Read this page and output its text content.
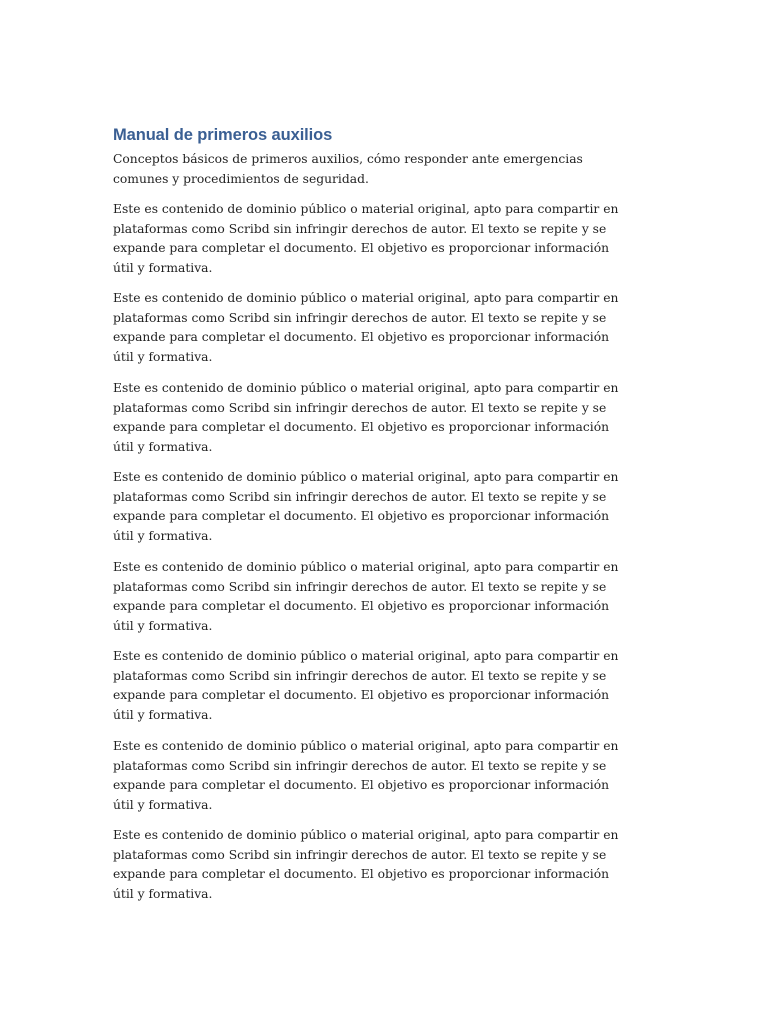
Manual de primeros auxilios

Conceptos básicos de primeros auxilios, cómo responder ante emergencias comunes y procedimientos de seguridad.

Este es contenido de dominio público o material original, apto para compartir en plataformas como Scribd sin infringir derechos de autor. El texto se repite y se expande para completar el documento. El objetivo es proporcionar información útil y formativa.

Este es contenido de dominio público o material original, apto para compartir en plataformas como Scribd sin infringir derechos de autor. El texto se repite y se expande para completar el documento. El objetivo es proporcionar información útil y formativa.

Este es contenido de dominio público o material original, apto para compartir en plataformas como Scribd sin infringir derechos de autor. El texto se repite y se expande para completar el documento. El objetivo es proporcionar información útil y formativa.

Este es contenido de dominio público o material original, apto para compartir en plataformas como Scribd sin infringir derechos de autor. El texto se repite y se expande para completar el documento. El objetivo es proporcionar información útil y formativa.

Este es contenido de dominio público o material original, apto para compartir en plataformas como Scribd sin infringir derechos de autor. El texto se repite y se expande para completar el documento. El objetivo es proporcionar información útil y formativa.

Este es contenido de dominio público o material original, apto para compartir en plataformas como Scribd sin infringir derechos de autor. El texto se repite y se expande para completar el documento. El objetivo es proporcionar información útil y formativa.

Este es contenido de dominio público o material original, apto para compartir en plataformas como Scribd sin infringir derechos de autor. El texto se repite y se expande para completar el documento. El objetivo es proporcionar información útil y formativa.

Este es contenido de dominio público o material original, apto para compartir en plataformas como Scribd sin infringir derechos de autor. El texto se repite y se expande para completar el documento. El objetivo es proporcionar información útil y formativa.
